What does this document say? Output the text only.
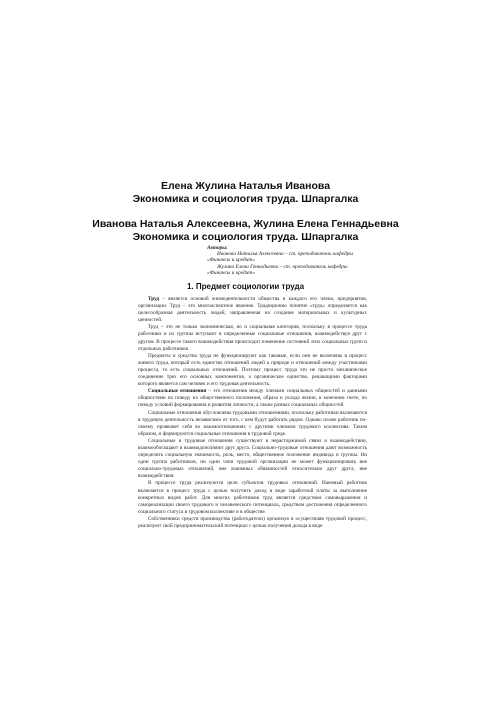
Елена Жулина Наталья Иванова
Экономика и социология труда. Шпаргалка
Иванова Наталья Алексеевна, Жулина Елена Геннадьевна
Экономика и социология труда. Шпаргалка
Авторы:
Иванова Наталья Алексеевна – ст. преподаватель кафедры «Финансы и кредит»
Жулина Елена Геннадьевна – ст. преподаватель кафедры «Финансы и кредит»
1. Предмет социологии труда

Труд – является основой жизнедеятельности общества и каждого его члена, предприятия, организации. Труд – это многоаспектное явление. Традиционно понятие «труд» определяется как целесообразная деятельность людей, направленная на создание материальных и культурных ценностей.

Труд – это не только экономическая, но и социальная категория, поскольку в процессе труда работники и их группы вступают в определенные социальные отношения, взаимодействуя друг с другом. В процессе такого взаимодействия происходит изменение состояний этих социальных групп и отдельных работников.

Предметы и средства труда не функционируют как таковые, если они не включены в процесс живого труда, который есть единство отношений людей к природе и отношений между участниками процесса, то есть социальных отношений. Поэтому процесс труда это не просто механическое соединение трех его основных компонентов, а органическое единство, решающими факторами которого является сам человек и его трудовая деятельность.

Социальные отношения – это отношения между членами социальных общностей и данными общностями по поводу их общественного положения, образа и уклада жизни, в конечном счете, по поводу условий формирования и развития личности, а также разных социальных общностей.

Социальные отношения обусловлены трудовыми отношениями, поскольку работники включаются в трудовую деятельность независимо от того, с кем будут работать рядом. Однако позже работник по-своему проявляет себя во взаимоотношениях с другими членами трудового коллектива. Таким образом, и формируются социальные отношения в трудовой среде.

Социальные и трудовые отношения существуют в нерасторжимой связи и взаимодействии, взаимообогащают и взаимодополняют друг друга. Социально-трудовые отношения дают возможность определить социальную значимость, роль, место, общественное положение индивида и группы. Ни один группа работников, ни один член трудовой организации не может функционировать вне социально-трудовых отношений, вне взаимных обязанностей относительно друг друга, вне взаимодействия.

В процессе труда реализуются цели субъектов трудовых отношений. Наемный работник включается в процесс труда с целью получить доход в виде заработной платы за выполнение конкретных видов работ. Для многих работников труд является средством самовыражения и самореализации своего трудового и человеческого потенциала, средством достижения определенного социального статуса в трудовом коллективе и в обществе.

Собственники средств производства (работодатели) организуя и осуществляя трудовой процесс, реализуют свой предпринимательский потенциал с целью получения дохода в виде
